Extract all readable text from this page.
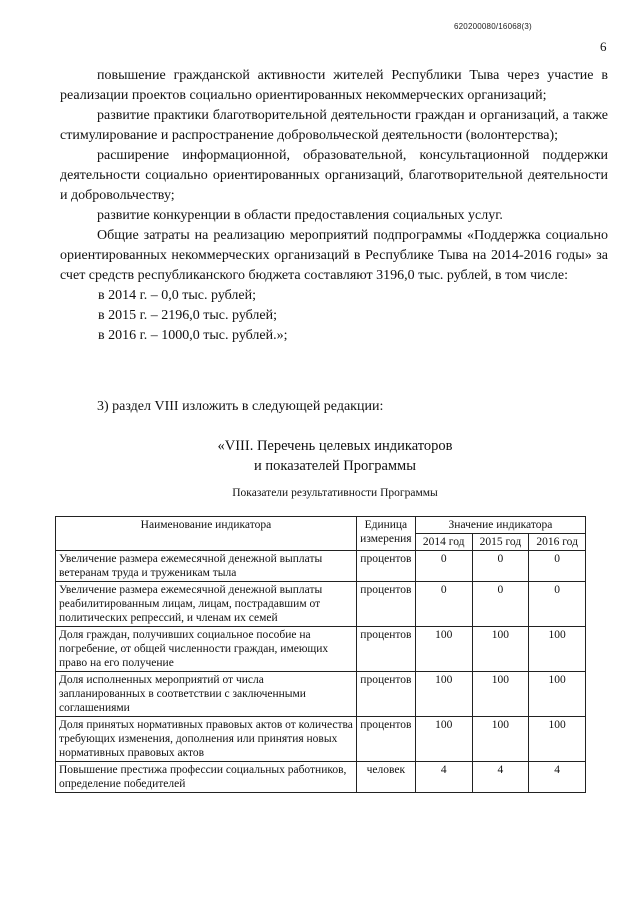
620200080/16068(3)
6

повышение гражданской активности жителей Республики Тыва через участие в реализации проектов социально ориентированных некоммерческих организаций;

развитие практики благотворительной деятельности граждан и организаций, а также стимулирование и распространение добровольческой деятельности (волонтерства);

расширение информационной, образовательной, консультационной поддержки деятельности социально ориентированных организаций, благотворительной деятельности и добровольчеству;

развитие конкуренции в области предоставления социальных услуг.

Общие затраты на реализацию мероприятий подпрограммы «Поддержка социально ориентированных некоммерческих организаций в Республике Тыва на 2014-2016 годы» за счет средств республиканского бюджета составляют 3196,0 тыс. рублей, в том числе:

в 2014 г. – 0,0 тыс. рублей;

в 2015 г. – 2196,0 тыс. рублей;

в 2016 г. – 1000,0 тыс. рублей.»;

3) раздел VIII изложить в следующей редакции:
«VIII. Перечень целевых индикаторов
и показателей Программы
Показатели результативности Программы
Наименование индикатора	Единица измерения	Значение индикатора		
		2014 год	2015 год	2016 год
Увеличение размера ежемесячной денежной выплаты ветеранам труда и труженикам тыла	процентов	0	0	0
Увеличение размера ежемесячной денежной выплаты реабилитированным лицам, лицам, пострадавшим от политических репрессий, и членам их семей	процентов	0	0	0
Доля граждан, получивших социальное пособие на погребение, от общей численности граждан, имеющих право на его получение	процентов	100	100	100
Доля исполненных мероприятий от числа запланированных в соответствии с заключенными соглашениями	процентов	100	100	100
Доля принятых нормативных правовых актов от количества требующих изменения, дополнения или принятия новых нормативных правовых актов	процентов	100	100	100
Повышение престижа профессии социальных работников, определение победителей	человек	4	4	4
